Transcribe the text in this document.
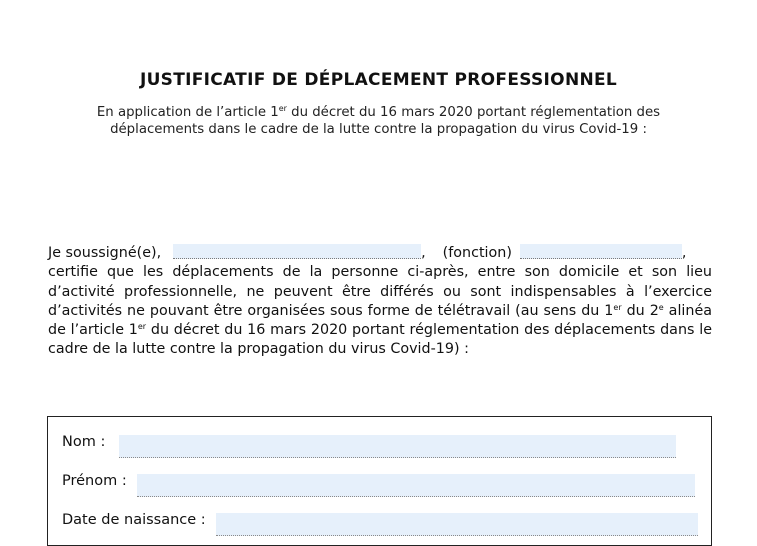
JUSTIFICATIF DE DÉPLACEMENT PROFESSIONNEL
En application de l’article 1er du décret du 16 mars 2020 portant réglementation des
déplacements dans le cadre de la lutte contre la propagation du virus Covid-19 :
Je soussigné(e),	, (fonction)	,
certifie que les déplacements de la personne ci-après, entre son domicile et son lieu d’activité professionnelle, ne peuvent être différés ou sont indispensables à l’exercice d’activités ne pouvant être organisées sous forme de télétravail (au sens du 1er du 2e alinéa de l’article 1er du décret du 16 mars 2020 portant réglementation des déplacements dans le cadre de la lutte contre la propagation du virus Covid-19) :
Nom :
Prénom :
Date de naissance :
